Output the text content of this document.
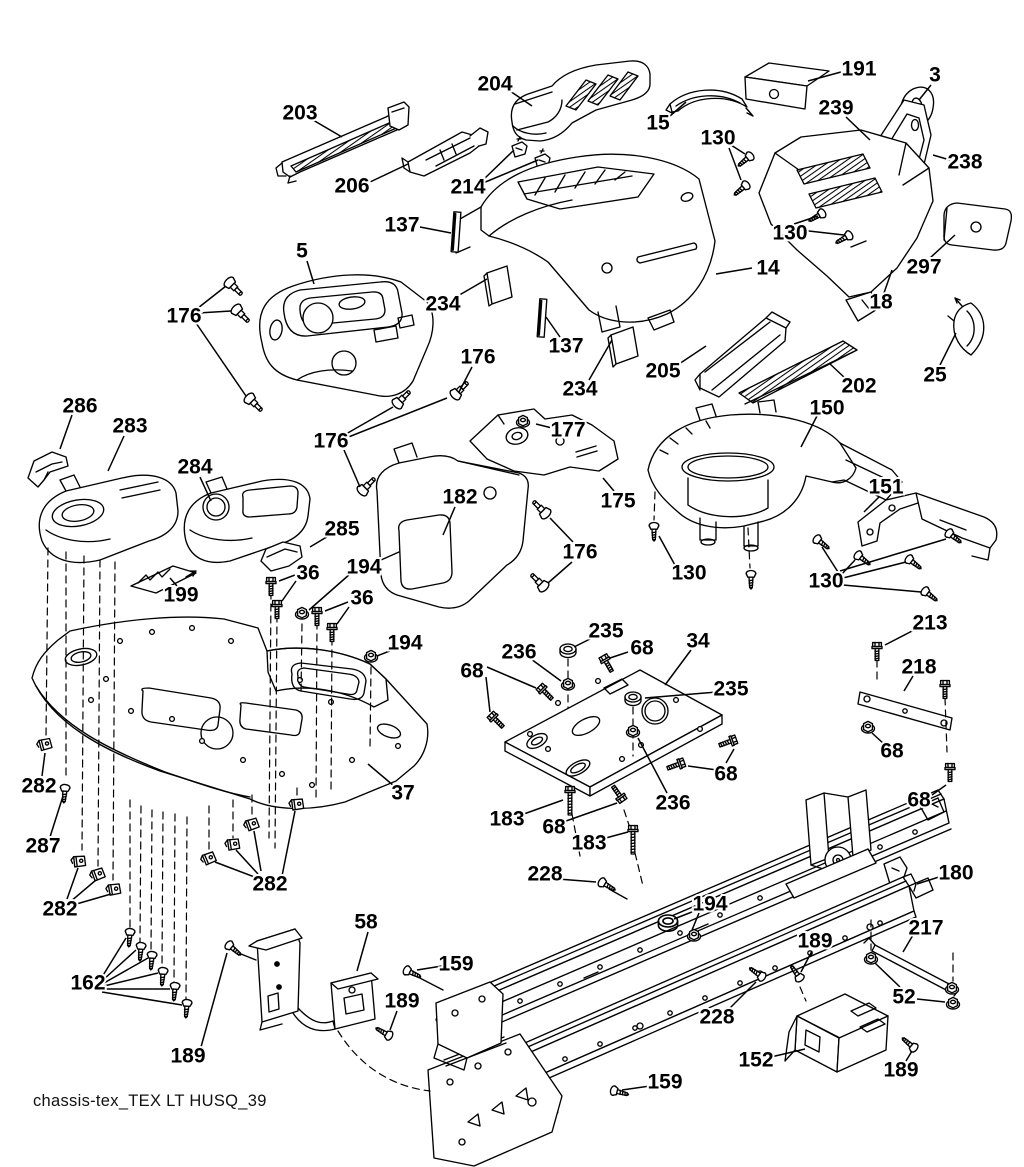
203
204
191	3
239
15
130
206	214
238
137	130
5
14	297
18
176
234
137
176
234
205
202 25
286
283
150
177
176
284
182	151
175
285
176
36 194
36
130	130
199
194
235
68 34
236
213
68	218
235
68
236
68
183 68
183
37
282
287
282
282
68
162
58
228	180
194
159
189
217
189	52
228
152
159
189
189
chassis-tex_TEX LT HUSQ_39
